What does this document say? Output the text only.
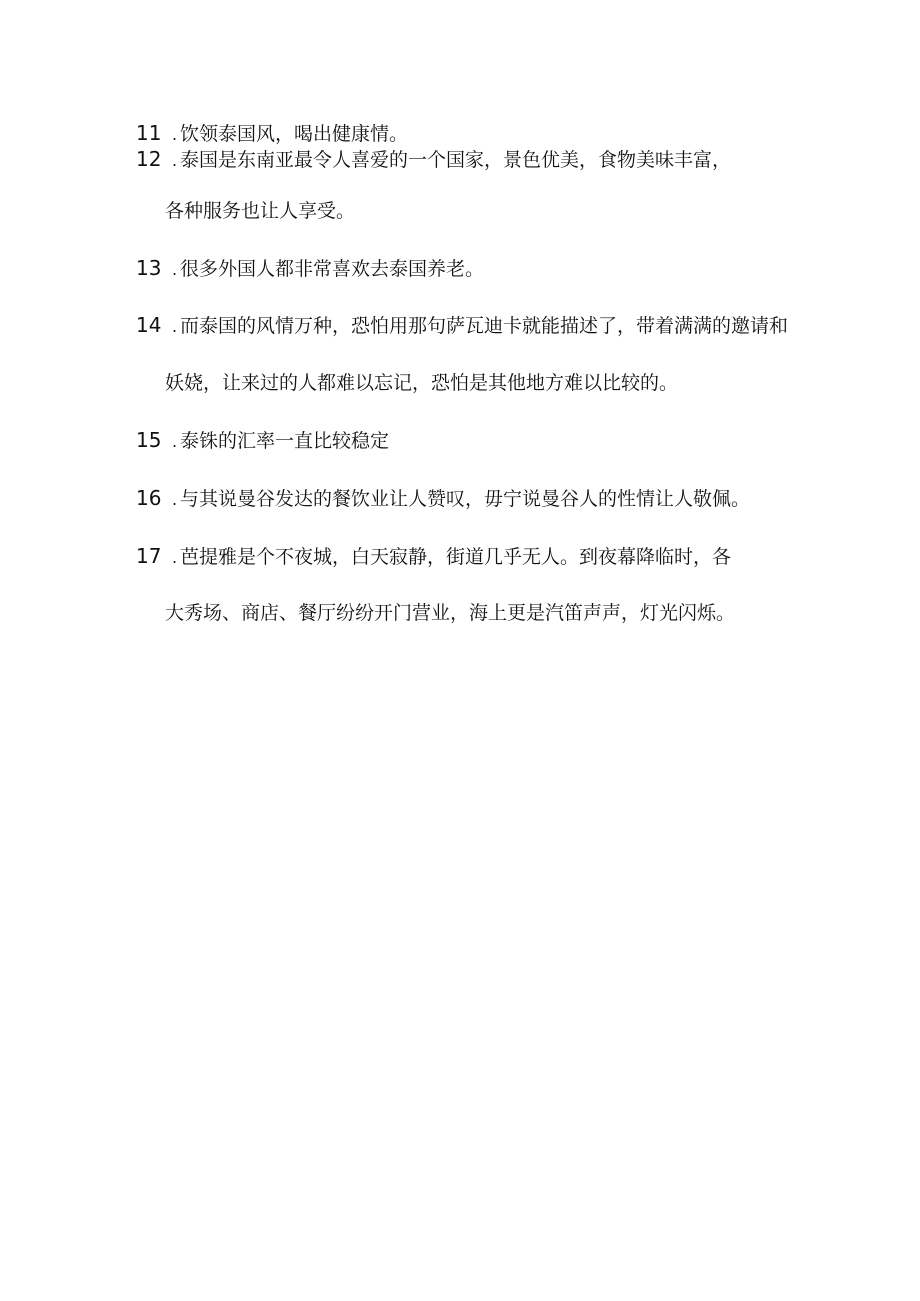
11 . 饮领泰国风，喝出健康情。
12 . 泰国是东南亚最令人喜爱的一个国家，景色优美，食物美味丰富，
各种服务也让人享受。
13 . 很多外国人都非常喜欢去泰国养老。
14 . 而泰国的风情万种，恐怕用那句萨瓦迪卡就能描述了，带着满满的邀请和
妖娆，让来过的人都难以忘记，恐怕是其他地方难以比较的。
15 . 泰铢的汇率一直比较稳定
16 . 与其说曼谷发达的餐饮业让人赞叹，毋宁说曼谷人的性情让人敬佩。
17 . 芭提雅是个不夜城，白天寂静，街道几乎无人。到夜幕降临时，各
大秀场、商店、餐厅纷纷开门营业，海上更是汽笛声声，灯光闪烁。
